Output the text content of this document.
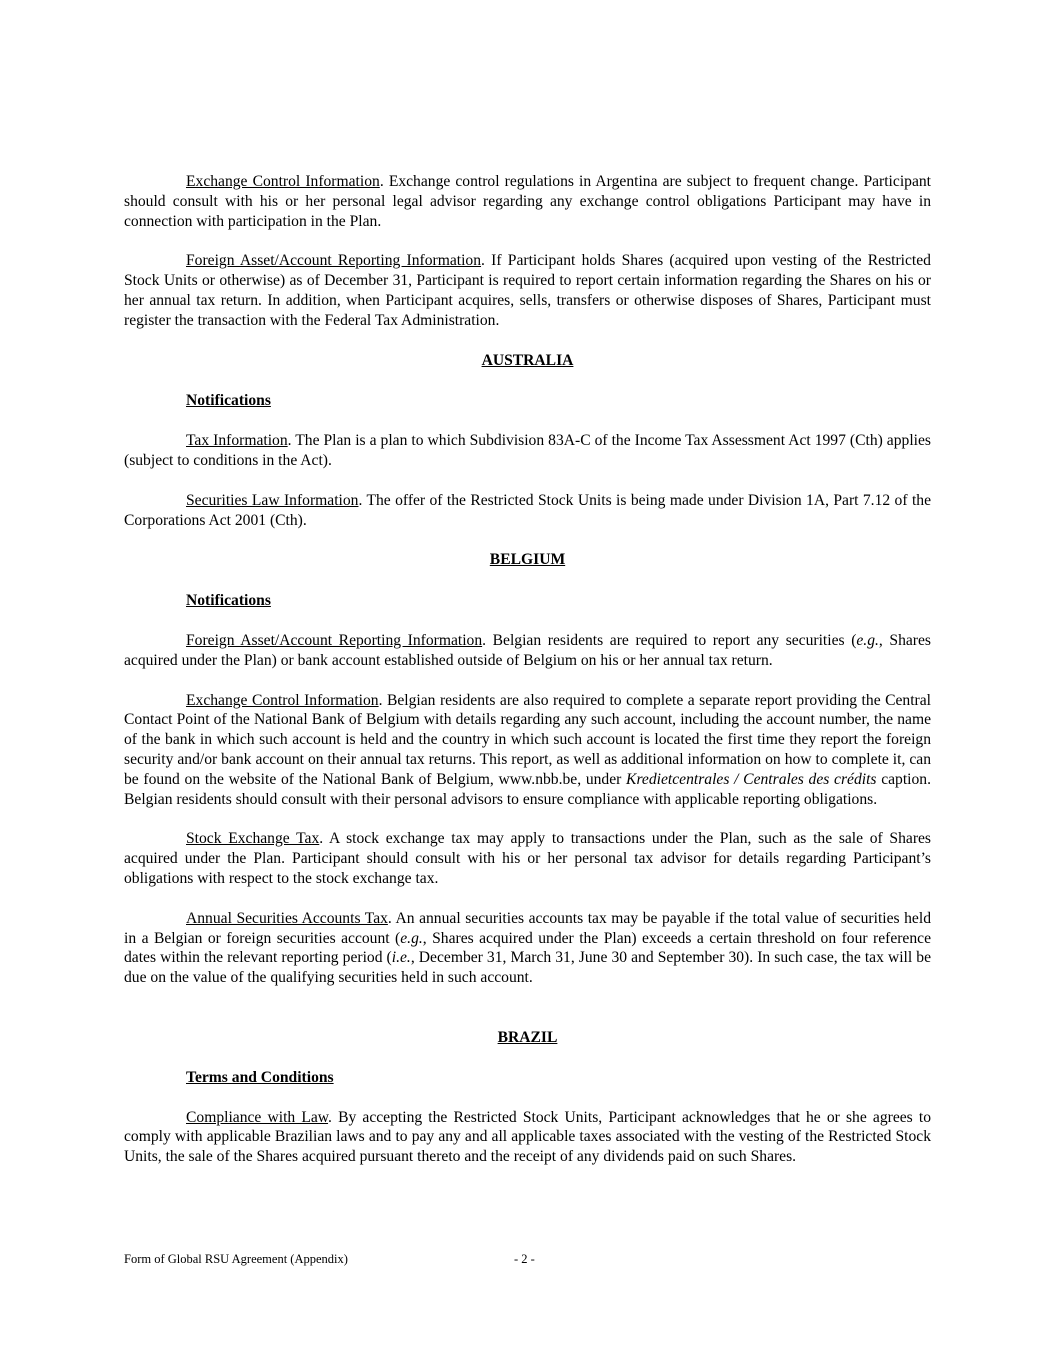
Exchange Control Information. Exchange control regulations in Argentina are subject to frequent change. Participant should consult with his or her personal legal advisor regarding any exchange control obligations Participant may have in connection with participation in the Plan.

Foreign Asset/Account Reporting Information. If Participant holds Shares (acquired upon vesting of the Restricted Stock Units or otherwise) as of December 31, Participant is required to report certain information regarding the Shares on his or her annual tax return. In addition, when Participant acquires, sells, transfers or otherwise disposes of Shares, Participant must register the transaction with the Federal Tax Administration.

AUSTRALIA

Notifications

Tax Information. The Plan is a plan to which Subdivision 83A-C of the Income Tax Assessment Act 1997 (Cth) applies (subject to conditions in the Act).

Securities Law Information. The offer of the Restricted Stock Units is being made under Division 1A, Part 7.12 of the Corporations Act 2001 (Cth).

BELGIUM

Notifications

Foreign Asset/Account Reporting Information. Belgian residents are required to report any securities (e.g., Shares acquired under the Plan) or bank account established outside of Belgium on his or her annual tax return.

Exchange Control Information. Belgian residents are also required to complete a separate report providing the Central Contact Point of the National Bank of Belgium with details regarding any such account, including the account number, the name of the bank in which such account is held and the country in which such account is located the first time they report the foreign security and/or bank account on their annual tax returns. This report, as well as additional information on how to complete it, can be found on the website of the National Bank of Belgium, www.nbb.be, under Kredietcentrales / Centrales des crédits caption. Belgian residents should consult with their personal advisors to ensure compliance with applicable reporting obligations.

Stock Exchange Tax. A stock exchange tax may apply to transactions under the Plan, such as the sale of Shares acquired under the Plan. Participant should consult with his or her personal tax advisor for details regarding Participant’s obligations with respect to the stock exchange tax.

Annual Securities Accounts Tax. An annual securities accounts tax may be payable if the total value of securities held in a Belgian or foreign securities account (e.g., Shares acquired under the Plan) exceeds a certain threshold on four reference dates within the relevant reporting period (i.e., December 31, March 31, June 30 and September 30). In such case, the tax will be due on the value of the qualifying securities held in such account.

BRAZIL

Terms and Conditions

Compliance with Law. By accepting the Restricted Stock Units, Participant acknowledges that he or she agrees to comply with applicable Brazilian laws and to pay any and all applicable taxes associated with the vesting of the Restricted Stock Units, the sale of the Shares acquired pursuant thereto and the receipt of any dividends paid on such Shares.

Form of Global RSU Agreement (Appendix)	- 2 -
